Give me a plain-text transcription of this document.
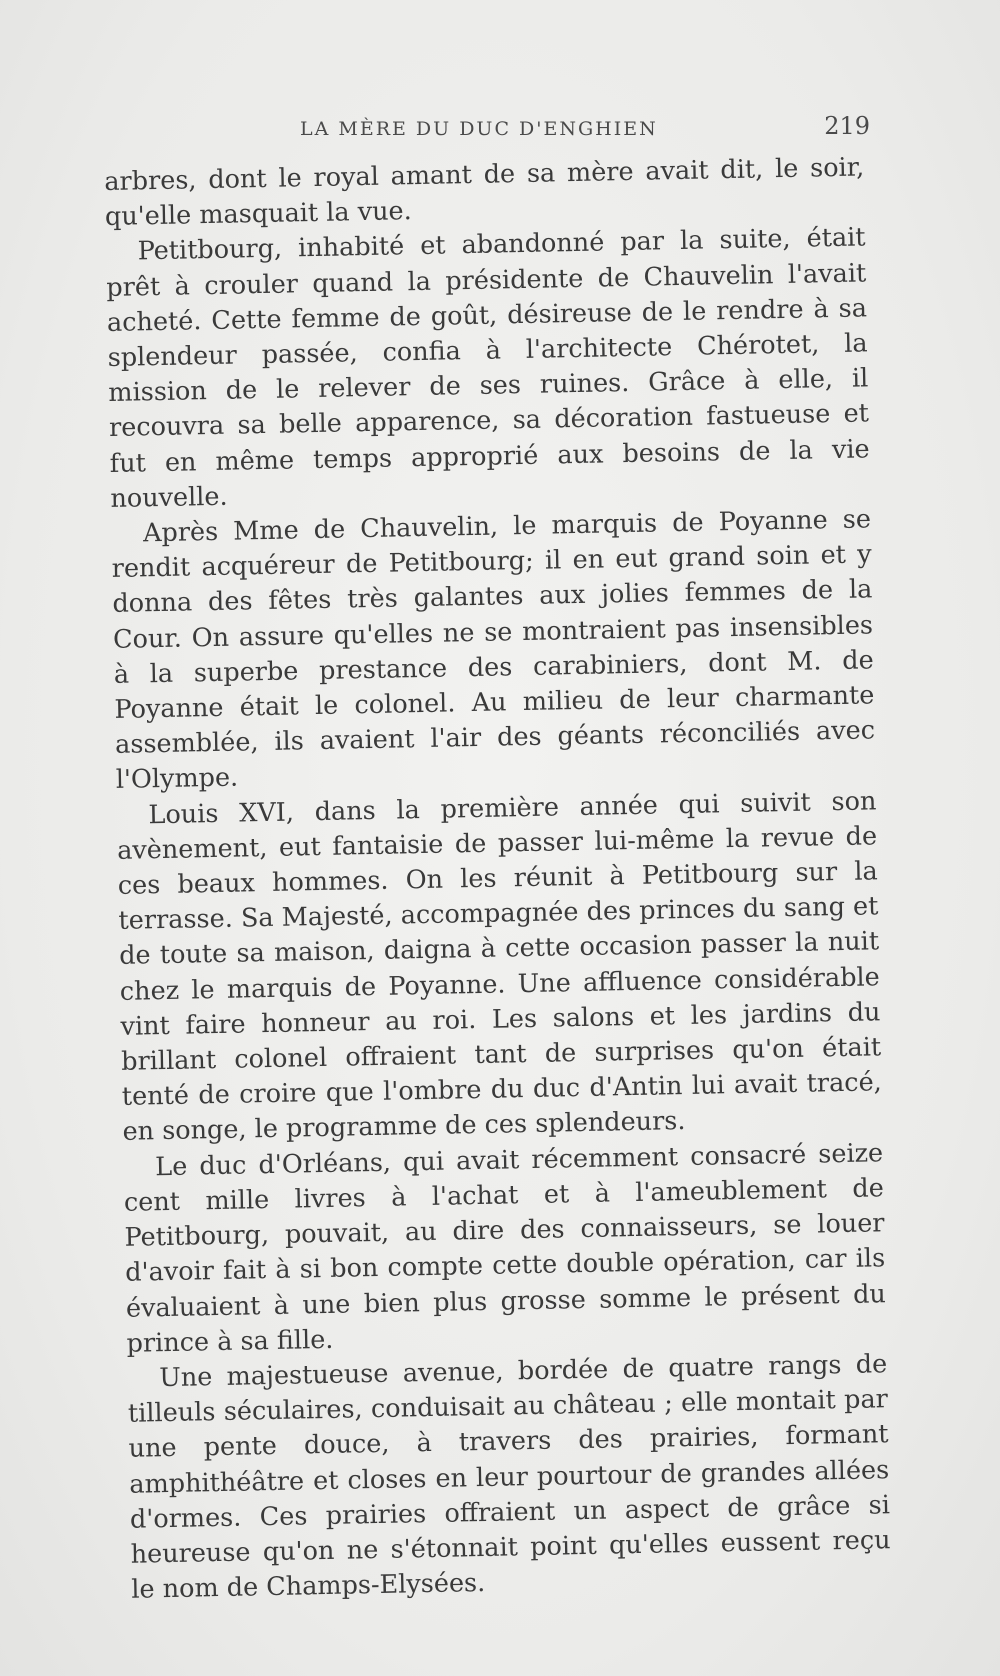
LA MÈRE DU DUC D'ENGHIEN	219

arbres, dont le royal amant de sa mère avait dit, le soir, qu'elle masquait la vue.

Petitbourg, inhabité et abandonné par la suite, était prêt à crouler quand la présidente de Chauvelin l'avait acheté. Cette femme de goût, désireuse de le rendre à sa splendeur passée, confia à l'architecte Chérotet, la mission de le relever de ses ruines. Grâce à elle, il recouvra sa belle apparence, sa décoration fastueuse et fut en même temps approprié aux besoins de la vie nouvelle.

Après Mme de Chauvelin, le marquis de Poyanne se rendit acquéreur de Petitbourg; il en eut grand soin et y donna des fêtes très galantes aux jolies femmes de la Cour. On assure qu'elles ne se montraient pas insensibles à la superbe prestance des carabiniers, dont M. de Poyanne était le colonel. Au milieu de leur charmante assemblée, ils avaient l'air des géants réconciliés avec l'Olympe.

Louis XVI, dans la première année qui suivit son avènement, eut fantaisie de passer lui-même la revue de ces beaux hommes. On les réunit à Petitbourg sur la terrasse. Sa Majesté, accompagnée des princes du sang et de toute sa maison, daigna à cette occasion passer la nuit chez le marquis de Poyanne. Une affluence considérable vint faire honneur au roi. Les salons et les jardins du brillant colonel offraient tant de surprises qu'on était tenté de croire que l'ombre du duc d'Antin lui avait tracé, en songe, le programme de ces splendeurs.

Le duc d'Orléans, qui avait récemment consacré seize cent mille livres à l'achat et à l'ameublement de Petitbourg, pouvait, au dire des connaisseurs, se louer d'avoir fait à si bon compte cette double opération, car ils évaluaient à une bien plus grosse somme le présent du prince à sa fille.

Une majestueuse avenue, bordée de quatre rangs de tilleuls séculaires, conduisait au château ; elle montait par une pente douce, à travers des prairies, formant amphithéâtre et closes en leur pourtour de grandes allées d'ormes. Ces prairies offraient un aspect de grâce si heureuse qu'on ne s'étonnait point qu'elles eussent reçu le nom de Champs-Elysées.
